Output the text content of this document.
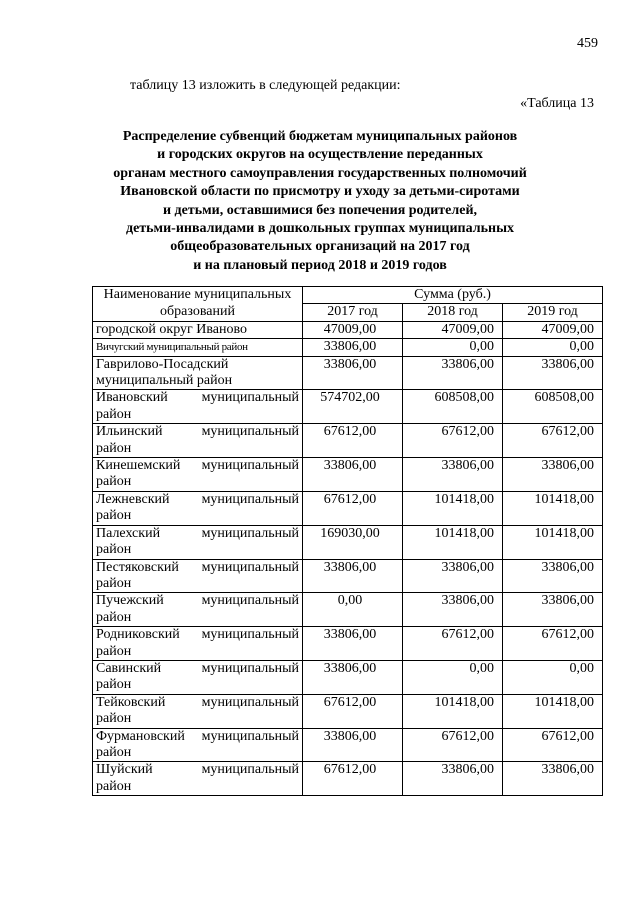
459
таблицу 13 изложить в следующей редакции:
«Таблица 13
Распределение субвенций бюджетам муниципальных районов
и городских округов на осуществление переданных
органам местного самоуправления государственных полномочий
Ивановской области по присмотру и уходу за детьми-сиротами
и детьми, оставшимися без попечения родителей,
детьми-инвалидами в дошкольных группах муниципальных
общеобразовательных организаций на 2017 год
и на плановый период 2018 и 2019 годов
Наименование муниципальных	Сумма (руб.)		
образований	2017 год	2018 год	2019 год
городской округ Иваново	47009,00	47009,00	47009,00
Вичугский муниципальный район	33806,00	0,00	0,00

Гаврилово-Посадский
муниципальный район	33806,00	33806,00	33806,00

Ивановский муниципальный
район	574702,00	608508,00	608508,00

Ильинский муниципальный
район	67612,00	67612,00	67612,00

Кинешемский муниципальный
район	33806,00	33806,00	33806,00

Лежневский муниципальный
район	67612,00	101418,00	101418,00

Палехский муниципальный
район	169030,00	101418,00	101418,00

Пестяковский муниципальный
район	33806,00	33806,00	33806,00

Пучежский муниципальный
район	0,00	33806,00	33806,00

Родниковский муниципальный
район	33806,00	67612,00	67612,00

Савинский муниципальный
район	33806,00	0,00	0,00

Тейковский муниципальный
район	67612,00	101418,00	101418,00

Фурмановский муниципальный
район	33806,00	67612,00	67612,00

Шуйский муниципальный
район	67612,00	33806,00	33806,00
